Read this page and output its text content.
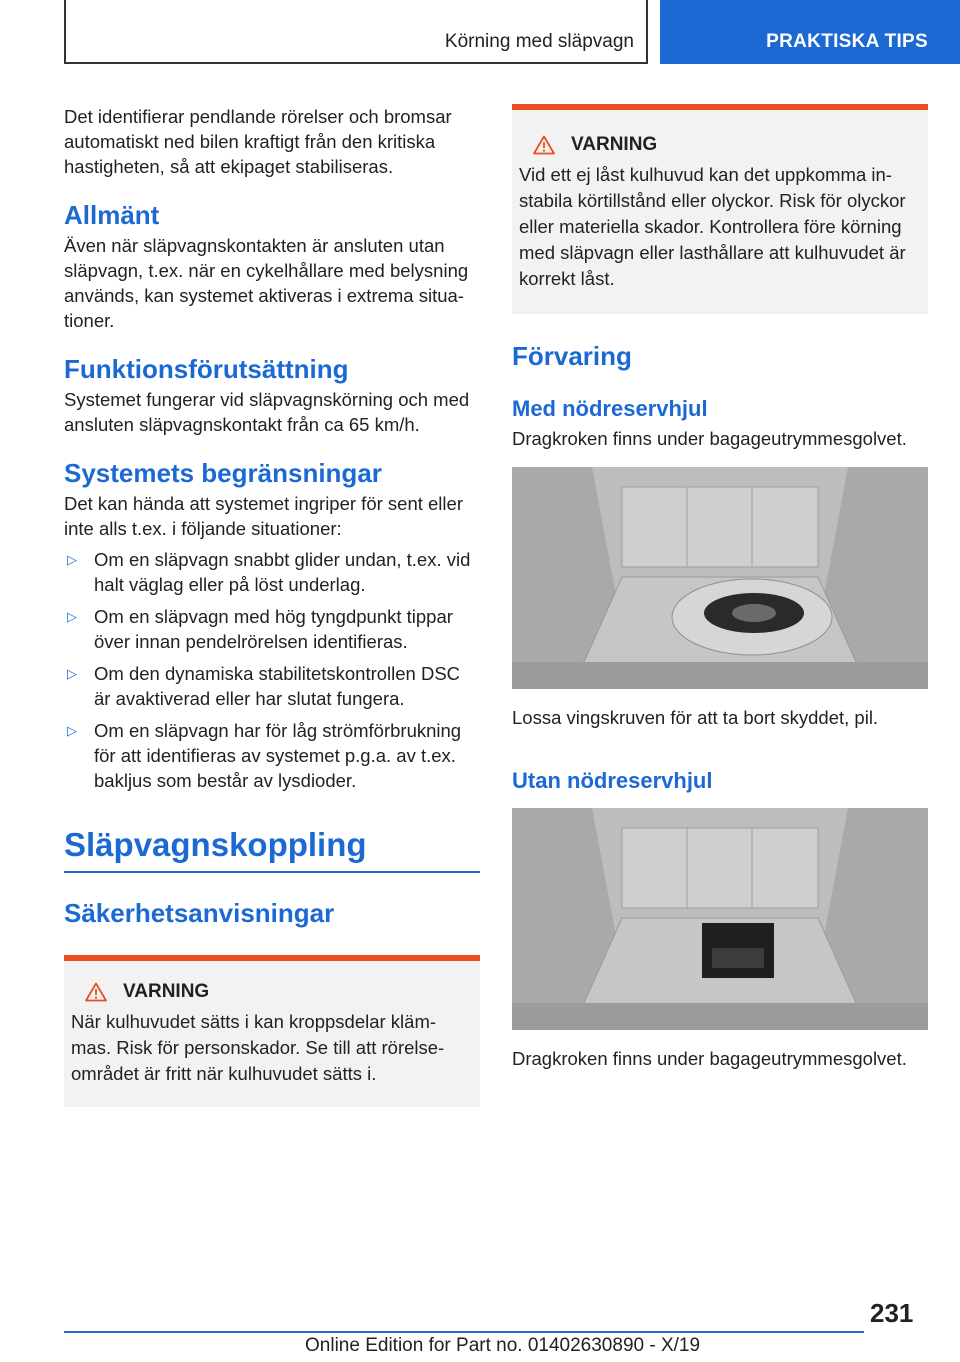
Körning med släpvagn	PRAKTISKA TIPS

Det identifierar pendlande rörelser och bromsar automatiskt ned bilen kraftigt från den kritiska hastigheten, så att ekipaget stabiliseras.

Allmänt

Även när släpvagnskontakten är ansluten utan släpvagn, t.ex. när en cykelhållare med belysning används, kan systemet aktiveras i extrema situa- tioner.

Funktionsförutsättning

Systemet fungerar vid släpvagnskörning och med ansluten släpvagnskontakt från ca 65 km/h.

Systemets begränsningar

Det kan hända att systemet ingriper för sent eller inte alls t.ex. i följande situationer:

▷ Om en släpvagn snabbt glider undan, t.ex. vid halt väglag eller på löst underlag.

▷ Om en släpvagn med hög tyngdpunkt tippar över innan pendelrörelsen identifieras.

▷ Om den dynamiska stabilitetskontrollen DSC är avaktiverad eller har slutat fungera.

▷ Om en släpvagn har för låg strömförbrukning för att identifieras av systemet p.g.a. av t.ex. bakljus som består av lysdioder.

Släpvagnskoppling
Säkerhetsanvisningar
VARNING

När kulhuvudet sätts i kan kroppsdelar kläm- mas. Risk för personskador. Se till att rörelse- området är fritt när kulhuvudet sätts i.

VARNING

Vid ett ej låst kulhuvud kan det uppkomma in- stabila körtillstånd eller olyckor. Risk för olyckor eller materiella skador. Kontrollera före körning med släpvagn eller lasthållare att kulhuvudet är korrekt låst.

Förvaring
Med nödreservhjul

Dragkroken finns under bagageutrymmesgolvet.

Lossa vingskruven för att ta bort skyddet, pil.

Utan nödreservhjul

Dragkroken finns under bagageutrymmesgolvet.

231
Online Edition for Part no. 01402630890 - X/19
